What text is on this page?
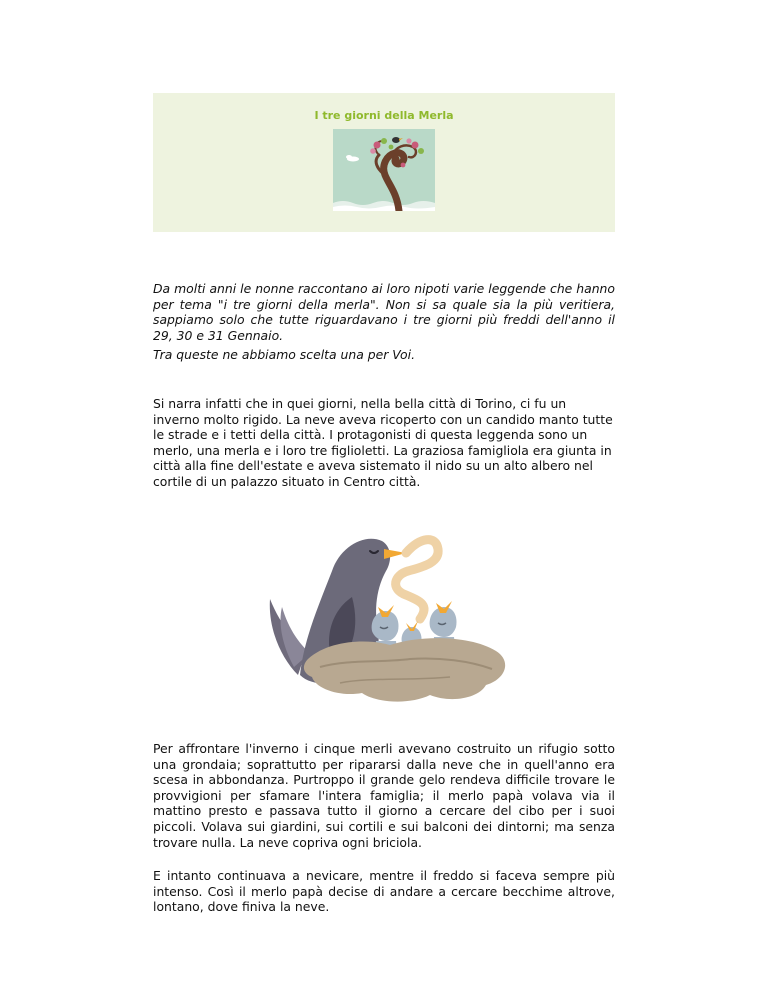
I tre giorni della Merla

Da molti anni le nonne raccontano ai loro nipoti varie leggende che hanno per tema "i tre giorni della merla". Non si sa quale sia la più veritiera, sappiamo solo che tutte riguardavano i tre giorni più freddi dell'anno il 29, 30 e 31 Gennaio.

Tra queste ne abbiamo scelta una per Voi.

Si narra infatti che in quei giorni, nella bella città di Torino, ci fu un inverno molto rigido. La neve aveva ricoperto con un candido manto tutte le strade e i tetti della città. I protagonisti di questa leggenda sono un merlo, una merla e i loro tre figlioletti. La graziosa famigliola era giunta in città alla fine dell'estate e aveva sistemato il nido su un alto albero nel cortile di un palazzo situato in Centro città.

Per affrontare l'inverno i cinque merli avevano costruito un rifugio sotto una grondaia; soprattutto per ripararsi dalla neve che in quell'anno era scesa in abbondanza. Purtroppo il grande gelo rendeva difficile trovare le provvigioni per sfamare l'intera famiglia; il merlo papà volava via il mattino presto e passava tutto il giorno a cercare del cibo per i suoi piccoli. Volava sui giardini, sui cortili e sui balconi dei dintorni; ma senza trovare nulla. La neve copriva ogni briciola.

E intanto continuava a nevicare, mentre il freddo si faceva sempre più intenso. Così il merlo papà decise di andare a cercare becchime altrove, lontano, dove finiva la neve.
